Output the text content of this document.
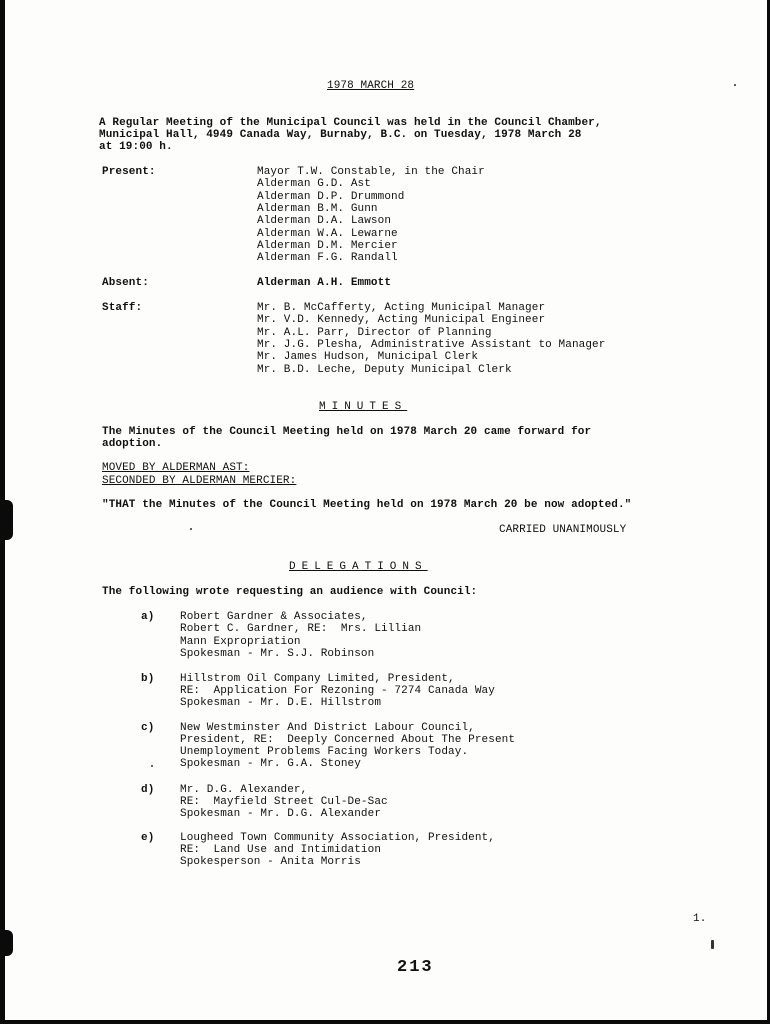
1978 MARCH 28
A Regular Meeting of the Municipal Council was held in the Council Chamber,
Municipal Hall, 4949 Canada Way, Burnaby, B.C. on Tuesday, 1978 March 28
at 19:00 h.
Present:	Mayor T.W. Constable, in the Chair
Alderman G.D. Ast
Alderman D.P. Drummond
Alderman B.M. Gunn
Alderman D.A. Lawson
Alderman W.A. Lewarne
Alderman D.M. Mercier
Alderman F.G. Randall
Absent:	Alderman A.H. Emmott
Staff:	Mr. B. McCafferty, Acting Municipal Manager
Mr. V.D. Kennedy, Acting Municipal Engineer
Mr. A.L. Parr, Director of Planning
Mr. J.G. Plesha, Administrative Assistant to Manager
Mr. James Hudson, Municipal Clerk
Mr. B.D. Leche, Deputy Municipal Clerk
MINUTES
The Minutes of the Council Meeting held on 1978 March 20 came forward for
adoption.
MOVED BY ALDERMAN AST:
SECONDED BY ALDERMAN MERCIER:
"THAT the Minutes of the Council Meeting held on 1978 March 20 be now adopted."
CARRIED UNANIMOUSLY
DELEGATIONS
The following wrote requesting an audience with Council:
a) Robert Gardner & Associates,
Robert C. Gardner, RE:  Mrs. Lillian
Mann Expropriation
Spokesman - Mr. S.J. Robinson
b) Hillstrom Oil Company Limited, President,
RE:  Application For Rezoning - 7274 Canada Way
Spokesman - Mr. D.E. Hillstrom
c) New Westminster And District Labour Council,
President, RE:  Deeply Concerned About The Present
Unemployment Problems Facing Workers Today.
Spokesman - Mr. G.A. Stoney
d) Mr. D.G. Alexander,
RE:  Mayfield Street Cul-De-Sac
Spokesman - Mr. D.G. Alexander
e) Lougheed Town Community Association, President,
RE:  Land Use and Intimidation
Spokesperson - Anita Morris
1.
213
